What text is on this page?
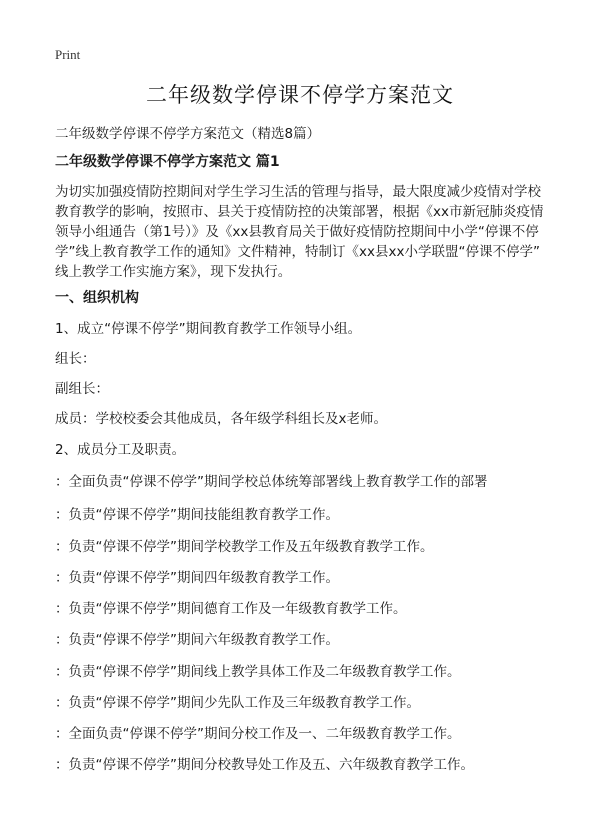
Print
二年级数学停课不停学方案范文
二年级数学停课不停学方案范文（精选8篇）
二年级数学停课不停学方案范文 篇1
为切实加强疫情防控期间对学生学习生活的管理与指导，最大限度减少疫情对学校
教育教学的影响，按照市、县关于疫情防控的决策部署，根据《xx市新冠肺炎疫情
领导小组通告（第1号）》及《xx县教育局关于做好疫情防控期间中小学“停课不停
学”线上教育教学工作的通知》文件精神，特制订《xx县xx小学联盟“停课不停学”
线上教学工作实施方案》，现下发执行。
一、组织机构
1、成立“停课不停学”期间教育教学工作领导小组。
组长：
副组长：
成员：学校校委会其他成员，各年级学科组长及x老师。
2、成员分工及职责。
：全面负责“停课不停学”期间学校总体统筹部署线上教育教学工作的部署
：负责“停课不停学”期间技能组教育教学工作。
：负责“停课不停学”期间学校教学工作及五年级教育教学工作。
：负责“停课不停学”期间四年级教育教学工作。
：负责“停课不停学”期间德育工作及一年级教育教学工作。
：负责“停课不停学”期间六年级教育教学工作。
：负责“停课不停学”期间线上教学具体工作及二年级教育教学工作。
：负责“停课不停学”期间少先队工作及三年级教育教学工作。
：全面负责“停课不停学”期间分校工作及一、二年级教育教学工作。
：负责“停课不停学”期间分校教导处工作及五、六年级教育教学工作。
